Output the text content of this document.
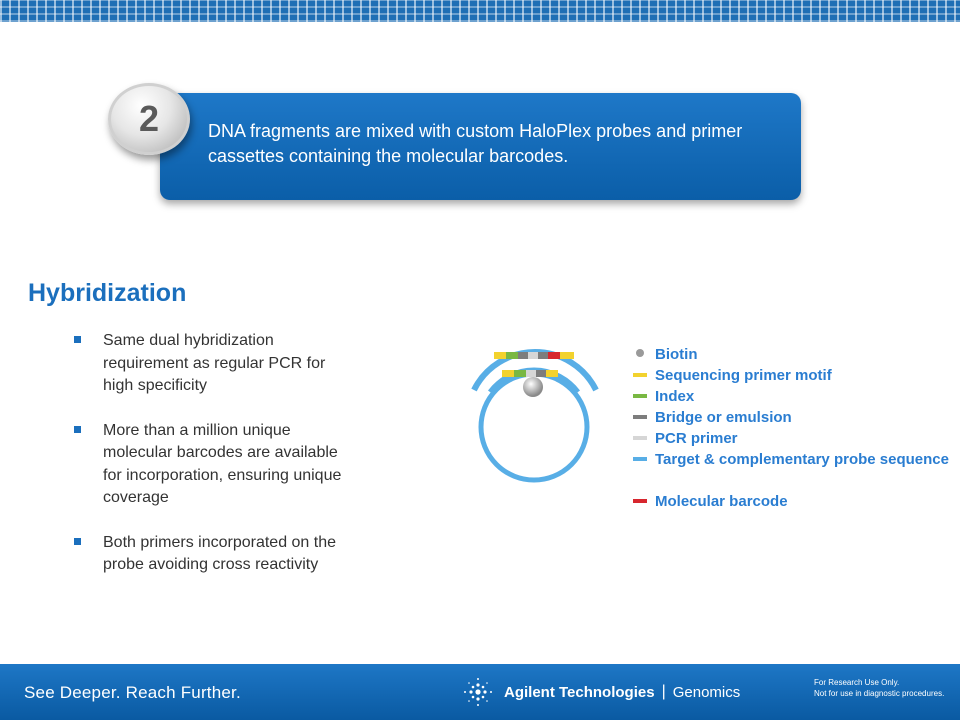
DNA fragments are mixed with custom HaloPlex probes and primer cassettes containing the molecular barcodes.
2
Hybridization
Same dual hybridization requirement as regular PCR for high specificity
More than a million unique molecular barcodes are available for incorporation, ensuring unique coverage
Both primers incorporated on the probe avoiding cross reactivity
Biotin
Sequencing primer motif
Index
Bridge or emulsion
PCR primer
Target & complementary probe sequence
Molecular barcode
See Deeper. Reach Further.	Agilent Technologies | Genomics
For Research Use Only.
Not for use in diagnostic procedures.
